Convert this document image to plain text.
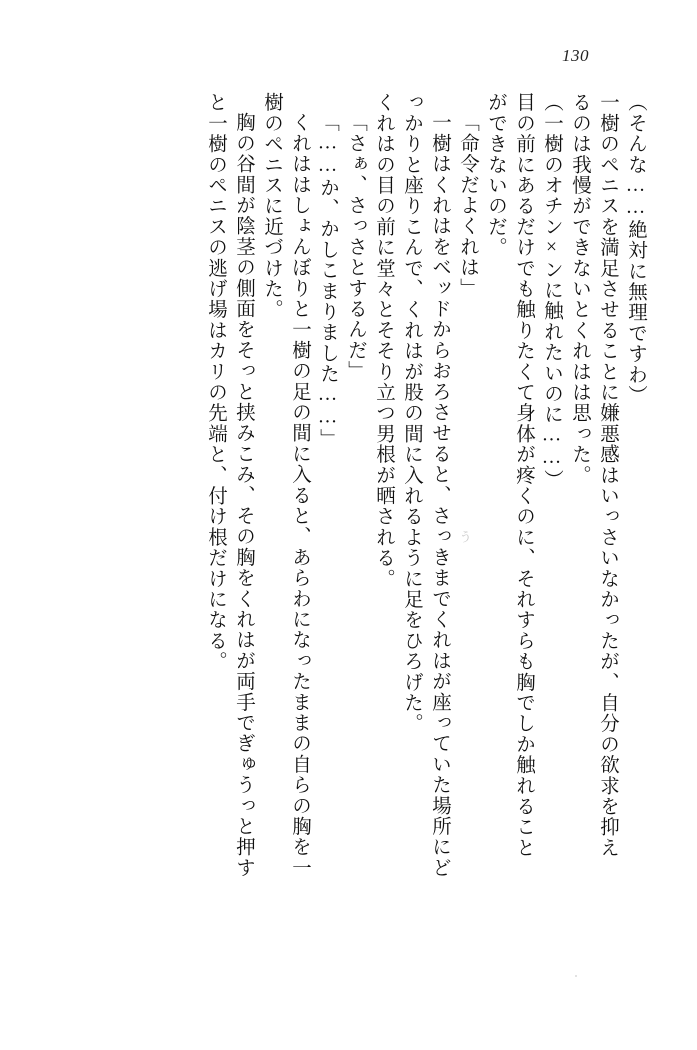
130
（そんな……絶対に無理ですわ）
一樹のペニスを満足させることに嫌悪感はいっさいなかったが、自分の欲求を抑え
るのは我慢ができないとくれはは思った。
（一樹のオチン×ンに触れたいのに……）
目の前にあるだけでも触りたくて身体が疼くのに、それすらも胸でしか触れること
ができないのだ。
「命令だよくれは」
一樹はくれはをベッドからおろさせると、さっきまでくれはが座っていた場所にど
っかりと座りこんで、くれはが股の間に入れるように足をひろげた。
くれはの目の前に堂々とそそり立つ男根が晒される。
「さぁ、さっさとするんだ」
「……か、かしこまりました……」
くれははしょんぼりと一樹の足の間に入ると、あらわになったままの自らの胸を一
樹のペニスに近づけた。
胸の谷間が陰茎の側面をそっと挟みこみ、その胸をくれはが両手でぎゅうっと押す
と一樹のペニスの逃げ場はカリの先端と、付け根だけになる。	う
